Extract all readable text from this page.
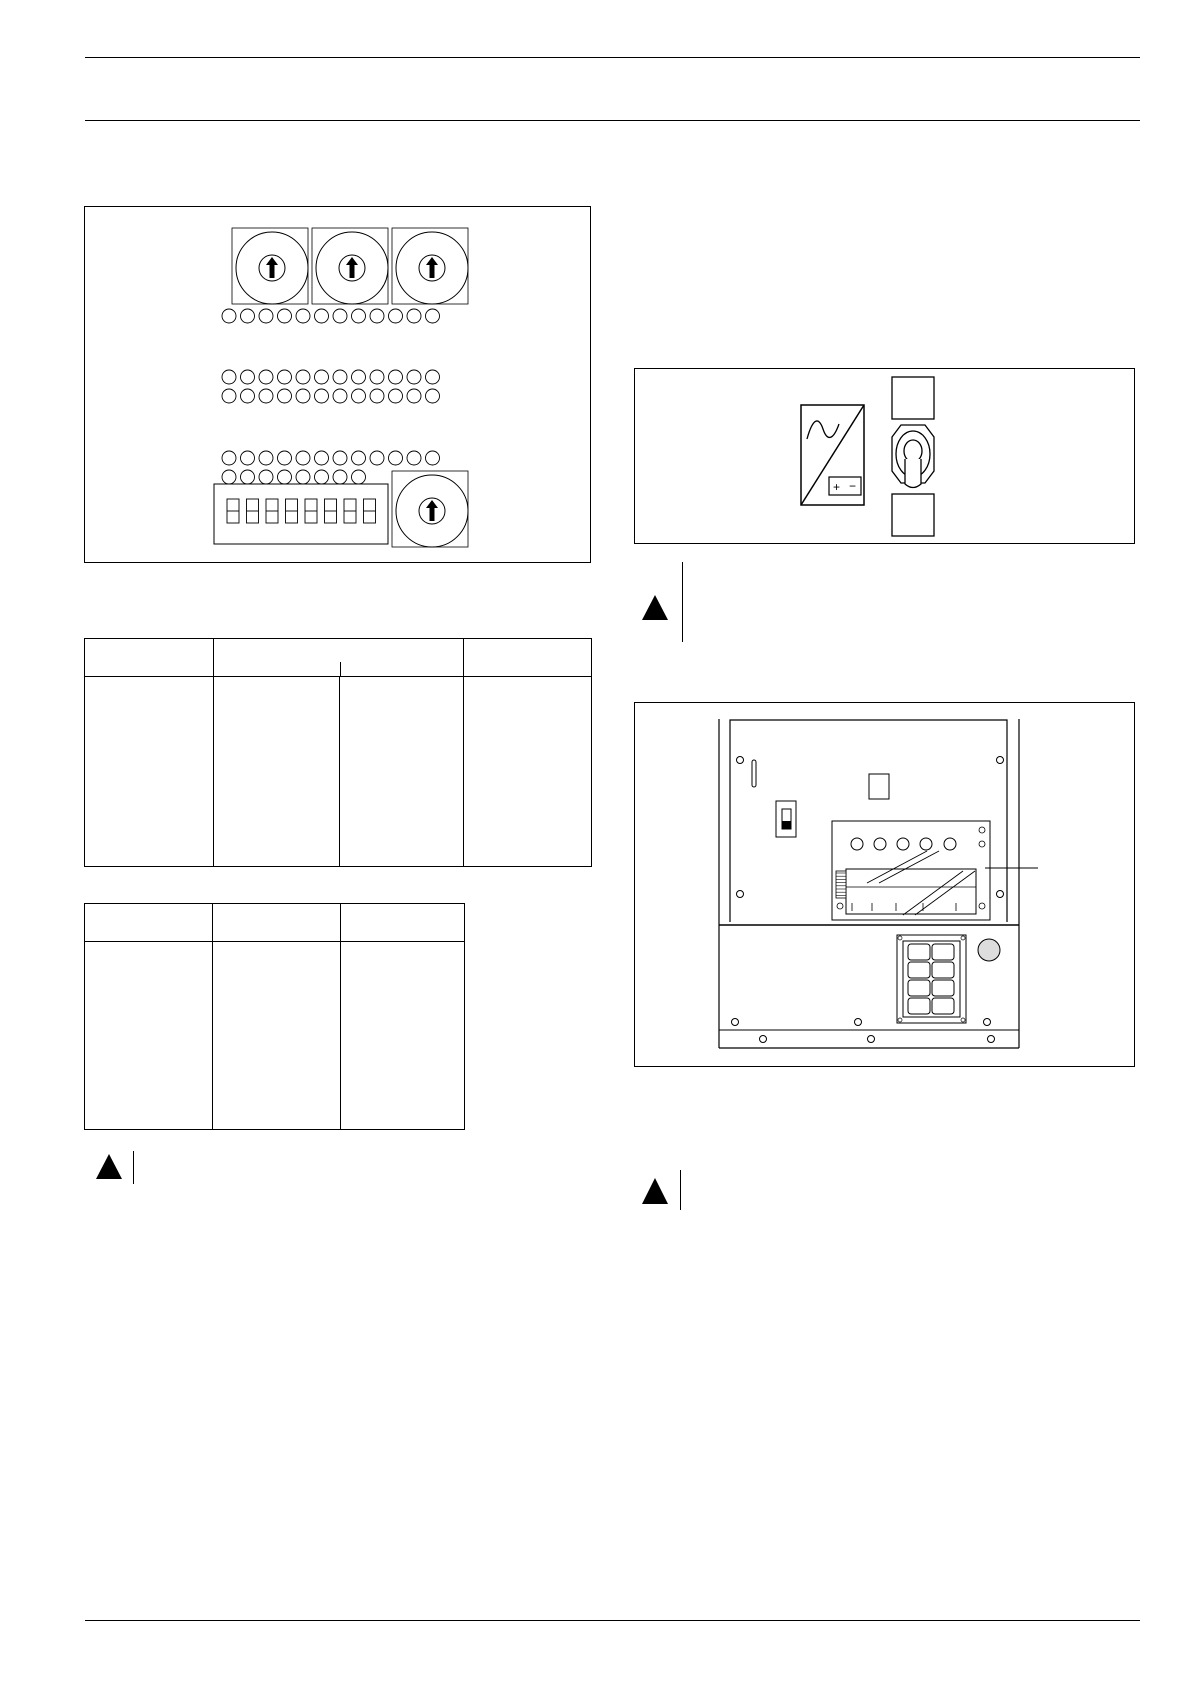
+ −
